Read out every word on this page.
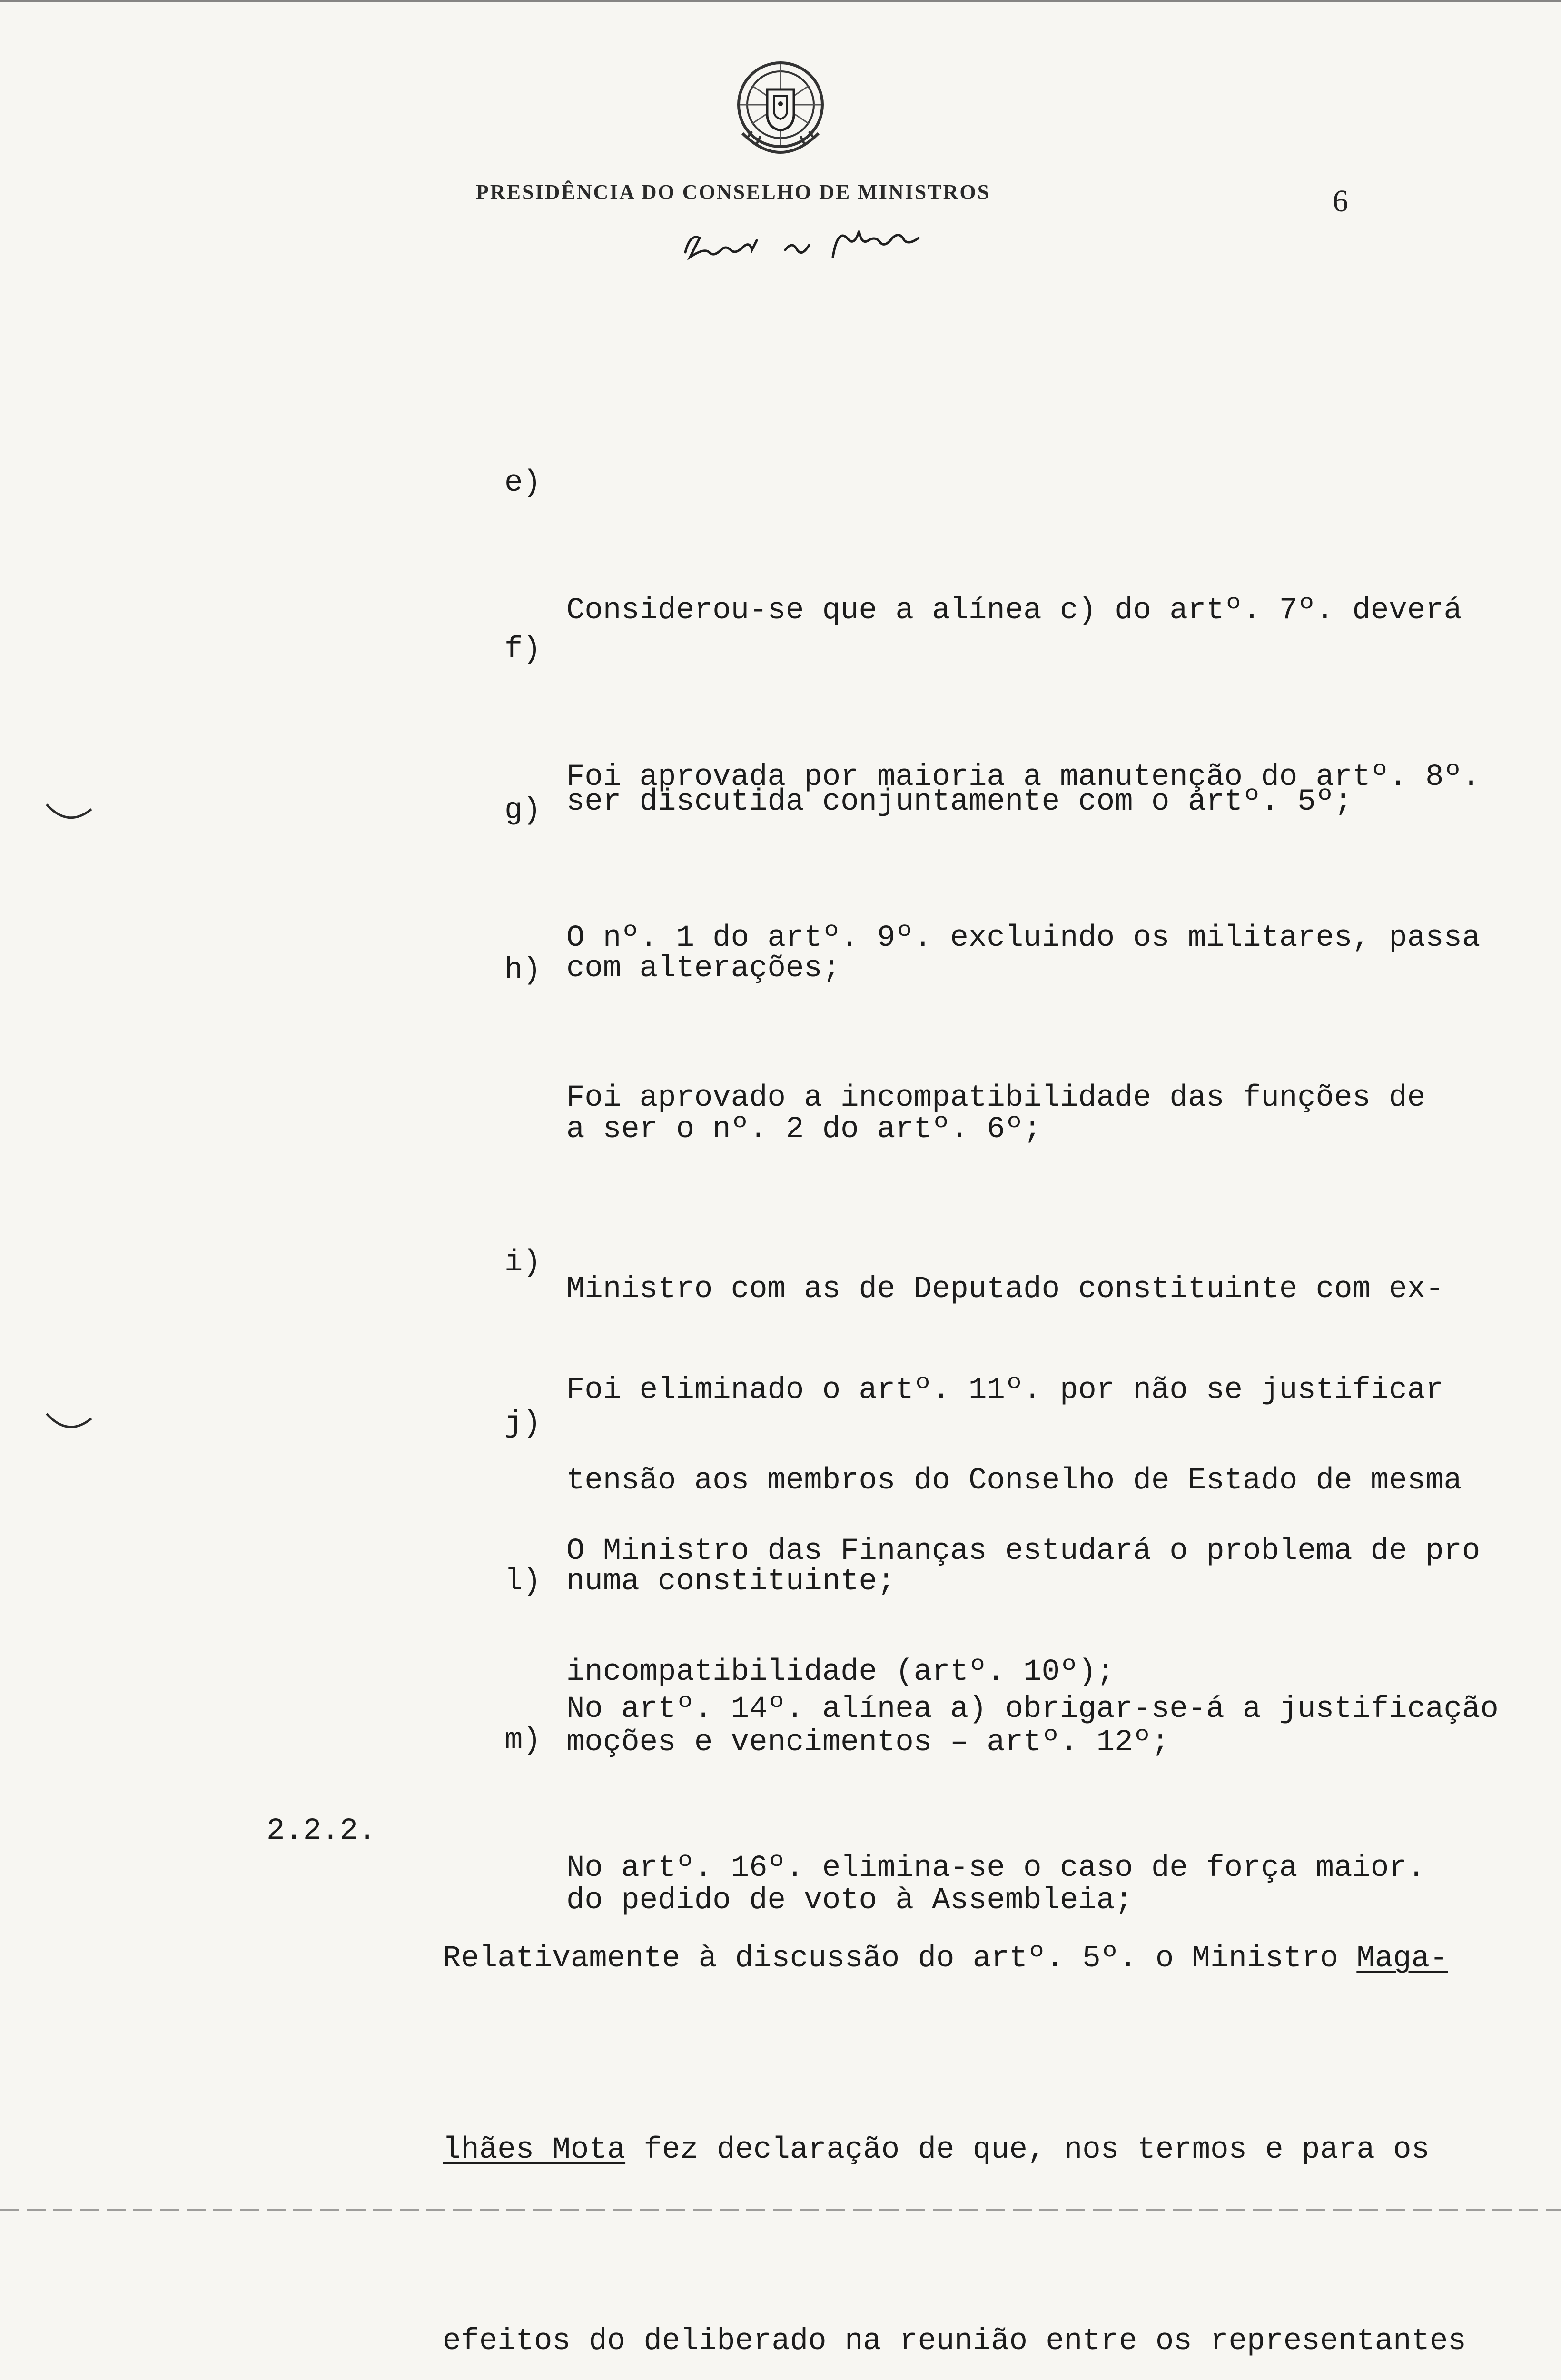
PRESIDÊNCIA DO CONSELHO DE MINISTROS	6

e)

Considerou-se que a alínea c) do artº. 7º. deverá

ser discutida conjuntamente com o artº. 5º;

f)

Foi aprovada por maioria a manutenção do artº. 8º.

com alterações;

g)

O nº. 1 do artº. 9º. excluindo os militares, passa

a ser o nº. 2 do artº. 6º;

h)

Foi aprovado a incompatibilidade das funções de

Ministro com as de Deputado constituinte com ex-

tensão aos membros do Conselho de Estado de mesma

incompatibilidade (artº. 10º);

i)

Foi eliminado o artº. 11º. por não se justificar

numa constituinte;

j)

O Ministro das Finanças estudará o problema de pro

moções e vencimentos – artº. 12º;

l)

No artº. 14º. alínea a) obrigar-se-á a justificação

do pedido de voto à Assembleia;

m)

No artº. 16º. elimina-se o caso de força maior.

2.2.2.

Relativamente à discussão do artº. 5º. o Ministro Maga-

lhães Mota fez declaração de que, nos termos e para os

efeitos do deliberado na reunião entre os representantes
